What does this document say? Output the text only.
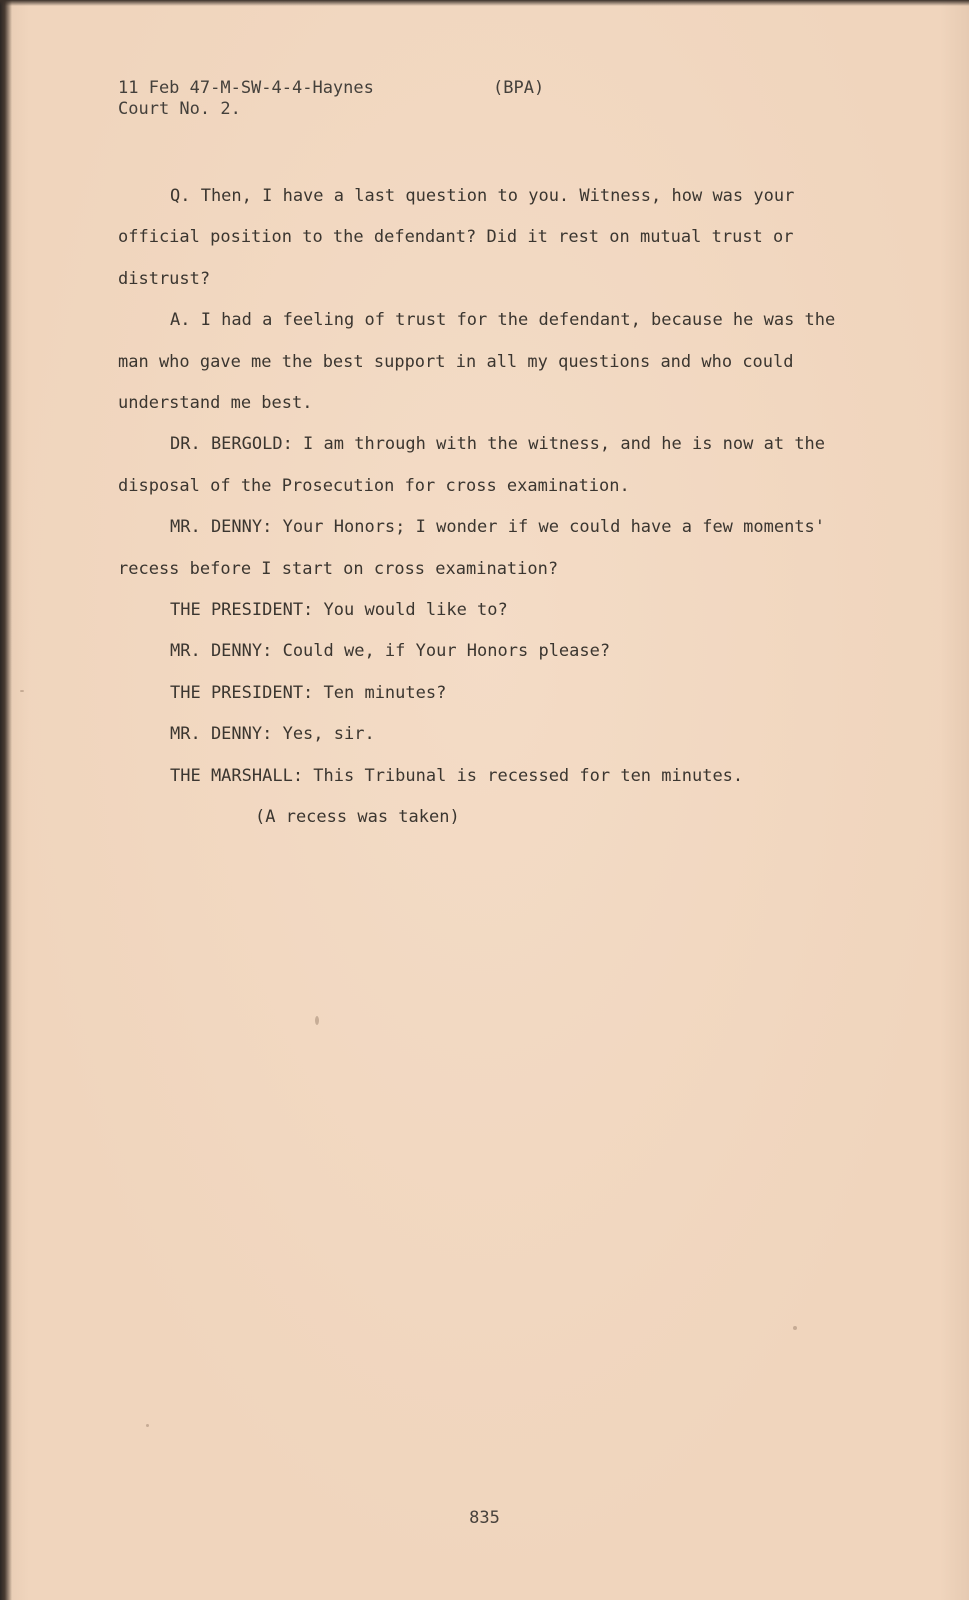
11 Feb 47-M-SW-4-4-Haynes	(BPA)
Court No. 2.

Q. Then, I have a last question to you. Witness, how was your official position to the defendant? Did it rest on mutual trust or distrust?

A. I had a feeling of trust for the defendant, because he was the man who gave me the best support in all my questions and who could understand me best.

DR. BERGOLD: I am through with the witness, and he is now at the disposal of the Prosecution for cross examination.

MR. DENNY: Your Honors; I wonder if we could have a few moments' recess before I start on cross examination?

THE PRESIDENT: You would like to?

MR. DENNY: Could we, if Your Honors please?

THE PRESIDENT: Ten minutes?

MR. DENNY: Yes, sir.

THE MARSHALL: This Tribunal is recessed for ten minutes.

(A recess was taken)

835
